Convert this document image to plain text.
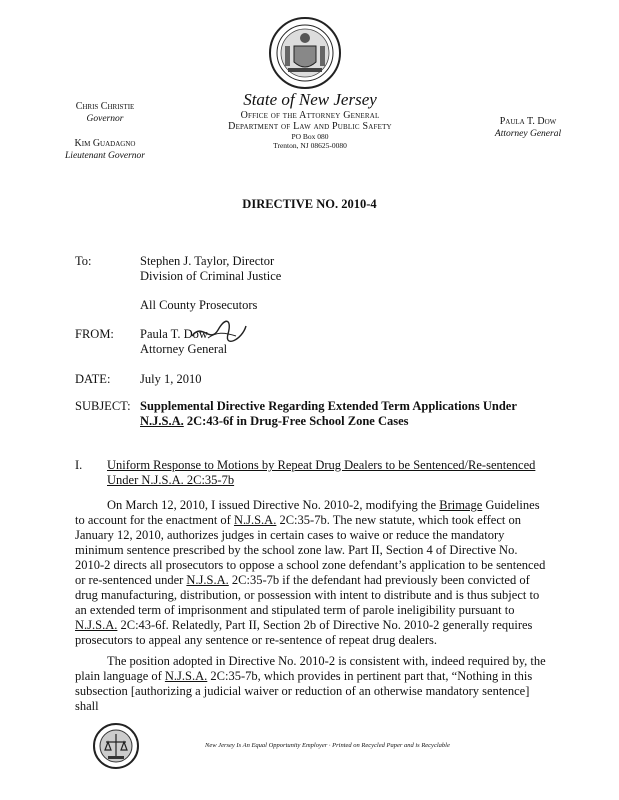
Chris Christie
Governor
Kim Guadagno
Lieutenant Governor
State of New Jersey
Office of the Attorney General
Department of Law and Public Safety
PO Box 080
Trenton, NJ 08625-0080
Paula T. Dow
Attorney General
DIRECTIVE NO. 2010-4
To:	Stephen J. Taylor, Director
Division of Criminal Justice
All County Prosecutors
FROM: Paula T. Dow
Attorney General
DATE: July 1, 2010
SUBJECT: Supplemental Directive Regarding Extended Term Applications Under
N.J.S.A. 2C:43-6f in Drug-Free School Zone Cases
I. Uniform Response to Motions by Repeat Drug Dealers to be Sentenced/Re-sentenced
Under N.J.S.A. 2C:35-7b
On March 12, 2010, I issued Directive No. 2010-2, modifying the Brimage Guidelines to account for the enactment of N.J.S.A. 2C:35-7b. The new statute, which took effect on January 12, 2010, authorizes judges in certain cases to waive or reduce the mandatory minimum sentence prescribed by the school zone law. Part II, Section 4 of Directive No. 2010-2 directs all prosecutors to oppose a school zone defendant’s application to be sentenced or re-sentenced under N.J.S.A. 2C:35-7b if the defendant had previously been convicted of drug manufacturing, distribution, or possession with intent to distribute and is thus subject to an extended term of imprisonment and stipulated term of parole ineligibility pursuant to N.J.S.A. 2C:43-6f. Relatedly, Part II, Section 2b of Directive No. 2010-2 generally requires prosecutors to appeal any sentence or re-sentence of repeat drug dealers.
The position adopted in Directive No. 2010-2 is consistent with, indeed required by, the plain language of N.J.S.A. 2C:35-7b, which provides in pertinent part that, “Nothing in this subsection [authorizing a judicial waiver or reduction of an otherwise mandatory sentence] shall
New Jersey Is An Equal Opportunity Employer · Printed on Recycled Paper and is Recyclable
